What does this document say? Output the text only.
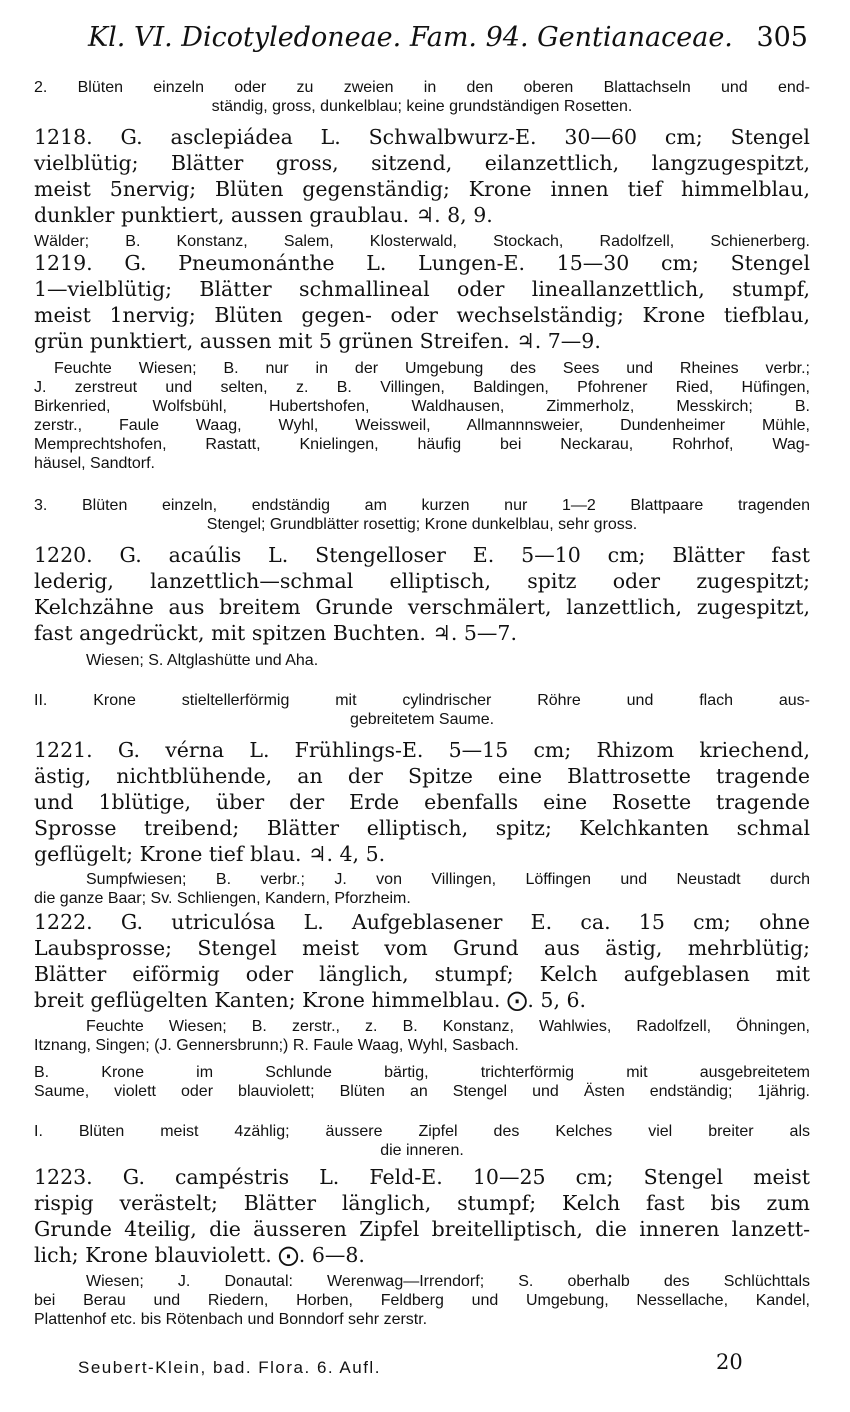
Kl. VI. Dicotyledoneae. Fam. 94. Gentianaceae. 305
2. Blüten einzeln oder zu zweien in den oberen Blattachseln und end-
ständig, gross, dunkelblau; keine grundständigen Rosetten.
1218. G. asclepiádea L. Schwalbwurz-E. 30—60 cm; Stengel
vielblütig; Blätter gross, sitzend, eilanzettlich, langzugespitzt,
meist 5nervig; Blüten gegenständig; Krone innen tief himmelblau,
dunkler punktiert, aussen graublau. ♃. 8, 9.
Wälder; B. Konstanz, Salem, Klosterwald, Stockach, Radolfzell, Schienerberg.
1219. G. Pneumonánthe L. Lungen-E. 15—30 cm; Stengel
1—vielblütig; Blätter schmallineal oder lineallanzettlich, stumpf,
meist 1nervig; Blüten gegen- oder wechselständig; Krone tiefblau,
grün punktiert, aussen mit 5 grünen Streifen. ♃. 7—9.
Feuchte Wiesen; B. nur in der Umgebung des Sees und Rheines verbr.;
J. zerstreut und selten, z. B. Villingen, Baldingen, Pfohrener Ried, Hüfingen,
Birkenried, Wolfsbühl, Hubertshofen, Waldhausen, Zimmerholz, Messkirch; B.
zerstr., Faule Waag, Wyhl, Weissweil, Allmannnsweier, Dundenheimer Mühle,
Memprechtshofen, Rastatt, Knielingen, häufig bei Neckarau, Rohrhof, Wag-
häusel, Sandtorf.
3. Blüten einzeln, endständig am kurzen nur 1—2 Blattpaare tragenden
Stengel; Grundblätter rosettig; Krone dunkelblau, sehr gross.
1220. G. acaúlis L. Stengelloser E. 5—10 cm; Blätter fast
lederig, lanzettlich—schmal elliptisch, spitz oder zugespitzt;
Kelchzähne aus breitem Grunde verschmälert, lanzettlich, zugespitzt,
fast angedrückt, mit spitzen Buchten. ♃. 5—7.
Wiesen; S. Altglashütte und Aha.
II. Krone stieltellerförmig mit cylindrischer Röhre und flach aus-
gebreitetem Saume.
1221. G. vérna L. Frühlings-E. 5—15 cm; Rhizom kriechend,
ästig, nichtblühende, an der Spitze eine Blattrosette tragende
und 1blütige, über der Erde ebenfalls eine Rosette tragende
Sprosse treibend; Blätter elliptisch, spitz; Kelchkanten schmal
geflügelt; Krone tief blau. ♃. 4, 5.
Sumpfwiesen; B. verbr.; J. von Villingen, Löffingen und Neustadt durch
die ganze Baar; Sv. Schliengen, Kandern, Pforzheim.
1222. G. utriculósa L. Aufgeblasener E. ca. 15 cm; ohne
Laubsprosse; Stengel meist vom Grund aus ästig, mehrblütig;
Blätter eiförmig oder länglich, stumpf; Kelch aufgeblasen mit
breit geflügelten Kanten; Krone himmelblau. ⨀. 5, 6.
Feuchte Wiesen; B. zerstr., z. B. Konstanz, Wahlwies, Radolfzell, Öhningen,
Itznang, Singen; (J. Gennersbrunn;) R. Faule Waag, Wyhl, Sasbach.
B. Krone im Schlunde bärtig, trichterförmig mit ausgebreitetem
Saume, violett oder blauviolett; Blüten an Stengel und Ästen endständig; 1jährig.
I. Blüten meist 4zählig; äussere Zipfel des Kelches viel breiter als
die inneren.
1223. G. campéstris L. Feld-E. 10—25 cm; Stengel meist
rispig verästelt; Blätter länglich, stumpf; Kelch fast bis zum
Grunde 4teilig, die äusseren Zipfel breitelliptisch, die inneren lanzett-
lich; Krone blauviolett. ⨀. 6—8.
Wiesen; J. Donautal: Werenwag—Irrendorf; S. oberhalb des Schlüchttals
bei Berau und Riedern, Horben, Feldberg und Umgebung, Nessellache, Kandel,
Plattenhof etc. bis Rötenbach und Bonndorf sehr zerstr.
Seubert-Klein, bad. Flora. 6. Aufl.	20
